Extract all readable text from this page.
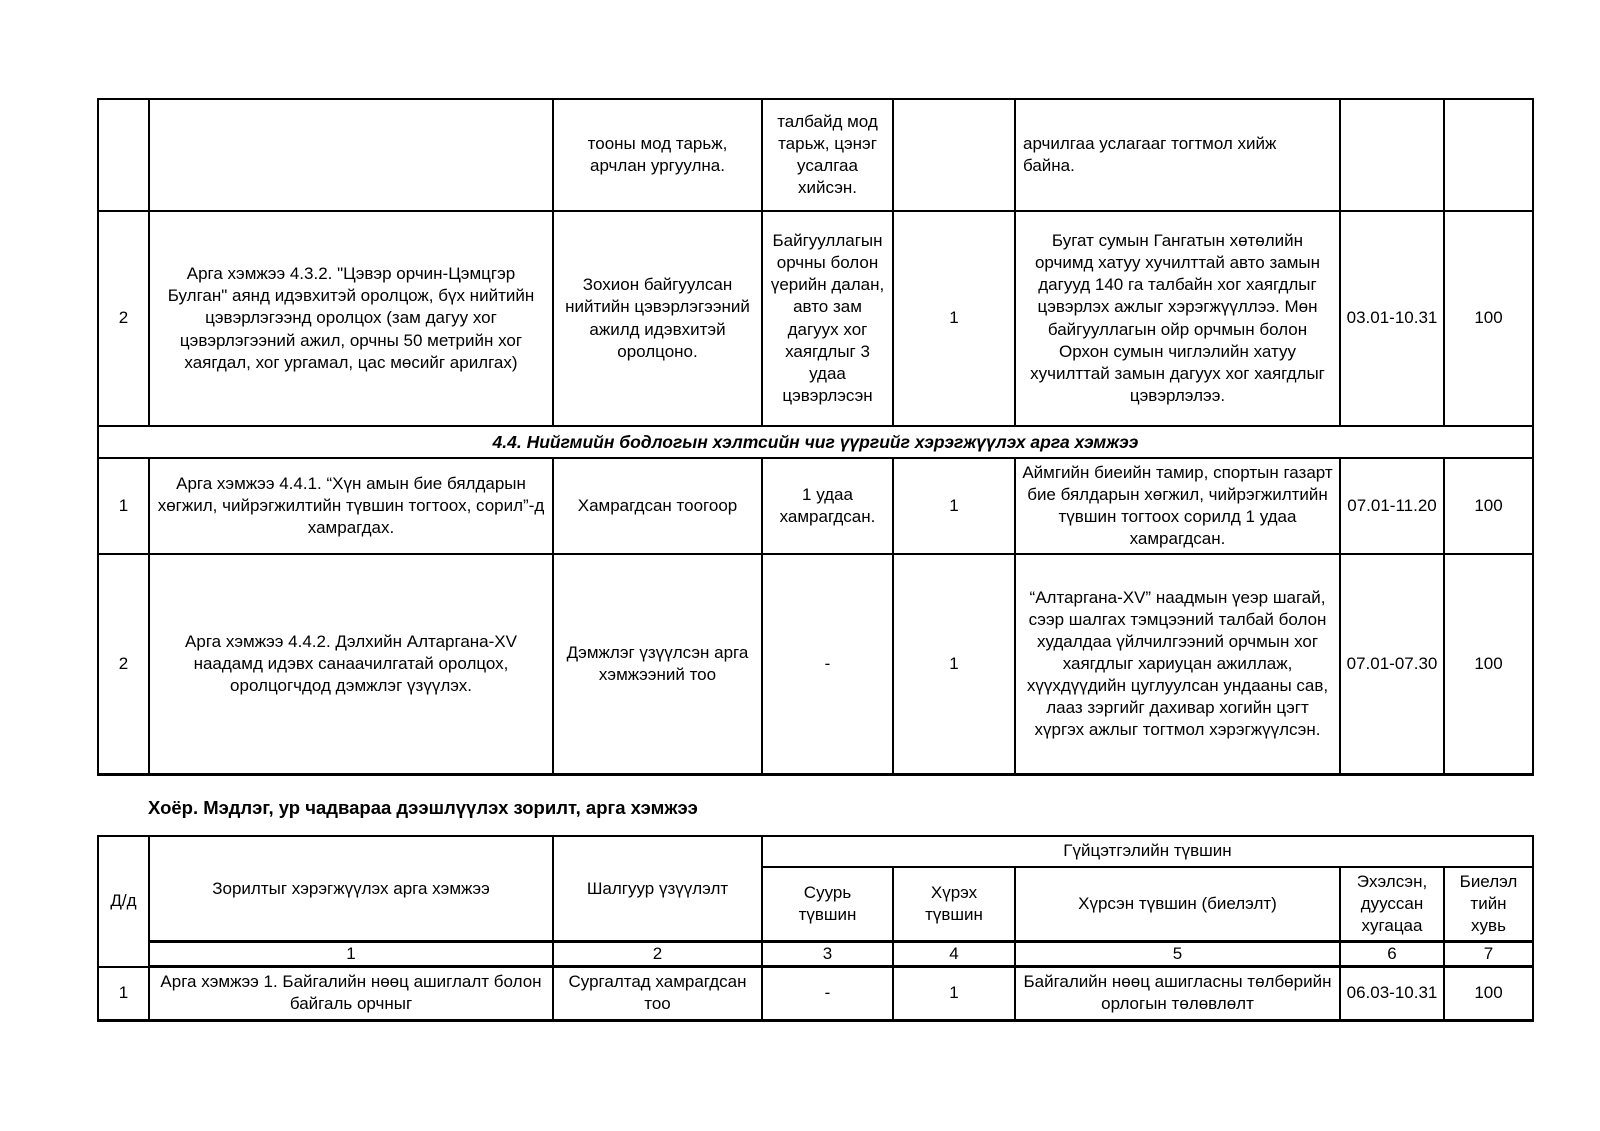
		тооны мод тарьж, арчлан ургуулна.	талбайд мод тарьж, цэнэг усалгаа хийсэн.		арчилгаа услагааг тогтмол хийж байна.		
2	Арга хэмжээ 4.3.2. "Цэвэр орчин-Цэмцгэр Булган" аянд идэвхитэй оролцож, бүх нийтийн цэвэрлэгээнд оролцох (зам дагуу хог цэвэрлэгээний ажил, орчны 50 метрийн хог хаягдал, хог ургамал, цас мөсийг арилгах)	Зохион байгуулсан нийтийн цэвэрлэгээний ажилд идэвхитэй оролцоно.	Байгууллагын орчны болон үерийн далан, авто зам дагуух хог хаягдлыг 3 удаа цэвэрлэсэн	1	Бугат сумын Гангатын хөтөлийн орчимд хатуу хучилттай авто замын дагууд 140 га талбайн хог хаягдлыг цэвэрлэх ажлыг хэрэгжүүллээ. Мөн байгууллагын ойр орчмын болон Орхон сумын чиглэлийн хатуу хучилттай замын дагуух хог хаягдлыг цэвэрлэлээ.	03.01-10.31	100
4.4. Нийгмийн бодлогын хэлтсийн чиг үүргийг хэрэгжүүлэх арга хэмжээ							
1	Арга хэмжээ 4.4.1. “Хүн амын бие бялдарын хөгжил, чийрэгжилтийн түвшин тогтоох, сорил”-д хамрагдах.	Хамрагдсан тоогоор	1 удаа хамрагдсан.	1	Аймгийн биеийн тамир, спортын газарт бие бялдарын хөгжил, чийрэгжилтийн түвшин тогтоох сорилд 1 удаа хамрагдсан.	07.01-11.20	100
2	Арга хэмжээ 4.4.2. Дэлхийн Алтаргана-XV наадамд идэвх санаачилгатай оролцох, оролцогчдод дэмжлэг үзүүлэх.	Дэмжлэг үзүүлсэн арга хэмжээний тоо	-	1	“Алтаргана-XV” наадмын үеэр шагай, сээр шалгах тэмцээний талбай болон худалдаа үйлчилгээний орчмын хог хаягдлыг хариуцан ажиллаж, хүүхдүүдийн цуглуулсан ундааны сав, лааз зэргийг дахивар хогийн цэгт хүргэх ажлыг тогтмол хэрэгжүүлсэн.	07.01-07.30	100
Хоёр. Мэдлэг, ур чадвараа дээшлүүлэх зорилт, арга хэмжээ
Д/д	Зорилтыг хэрэгжүүлэх арга хэмжээ	Шалгуур үзүүлэлт	Гүйцэтгэлийн түвшин				
			Суурь түвшин	Хүрэх түвшин	Хүрсэн түвшин (биелэлт)	Эхэлсэн, дууссан хугацаа	Биелэлтийн хувь
	1	2	3	4	5	6	7
1	Арга хэмжээ 1. Байгалийн нөөц ашиглалт болон байгаль орчныг	Сургалтад хамрагдсан тоо	-	1	Байгалийн нөөц ашигласны төлбөрийн орлогын төлөвлөлт	06.03-10.31	100
